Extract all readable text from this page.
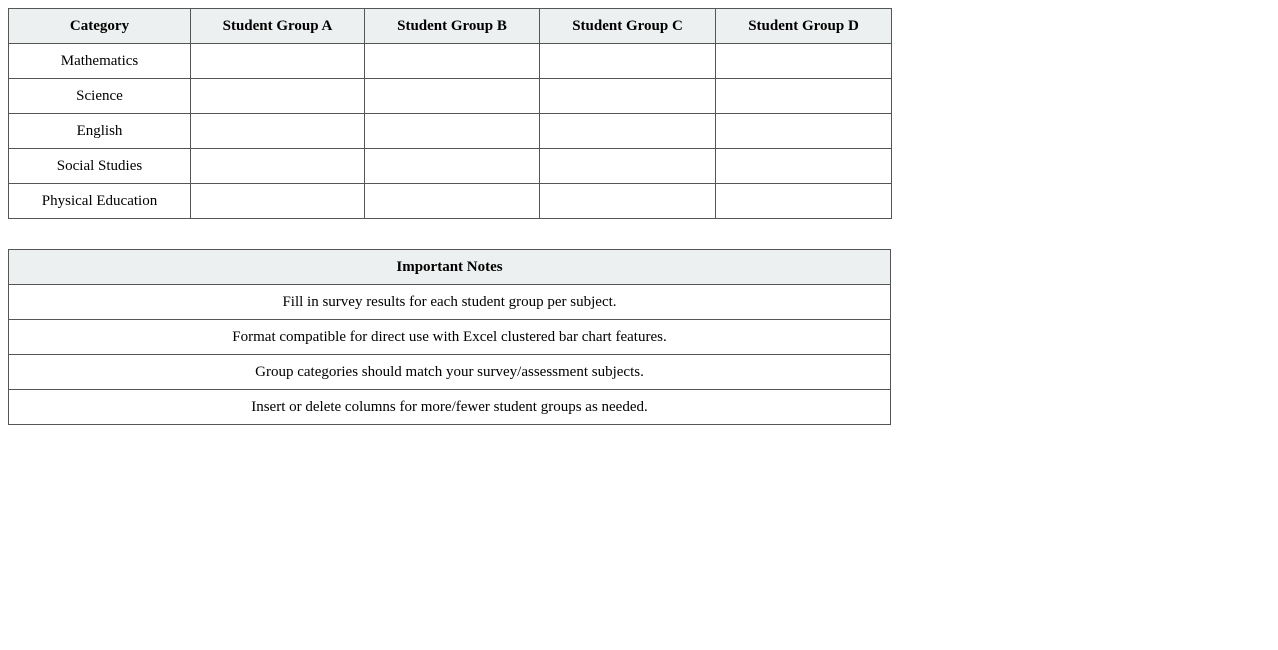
Category	Student Group A	Student Group B	Student Group C	Student Group D
Mathematics				
Science				
English				
Social Studies				
Physical Education				
Important Notes
Fill in survey results for each student group per subject.
Format compatible for direct use with Excel clustered bar chart features.
Group categories should match your survey/assessment subjects.
Insert or delete columns for more/fewer student groups as needed.
